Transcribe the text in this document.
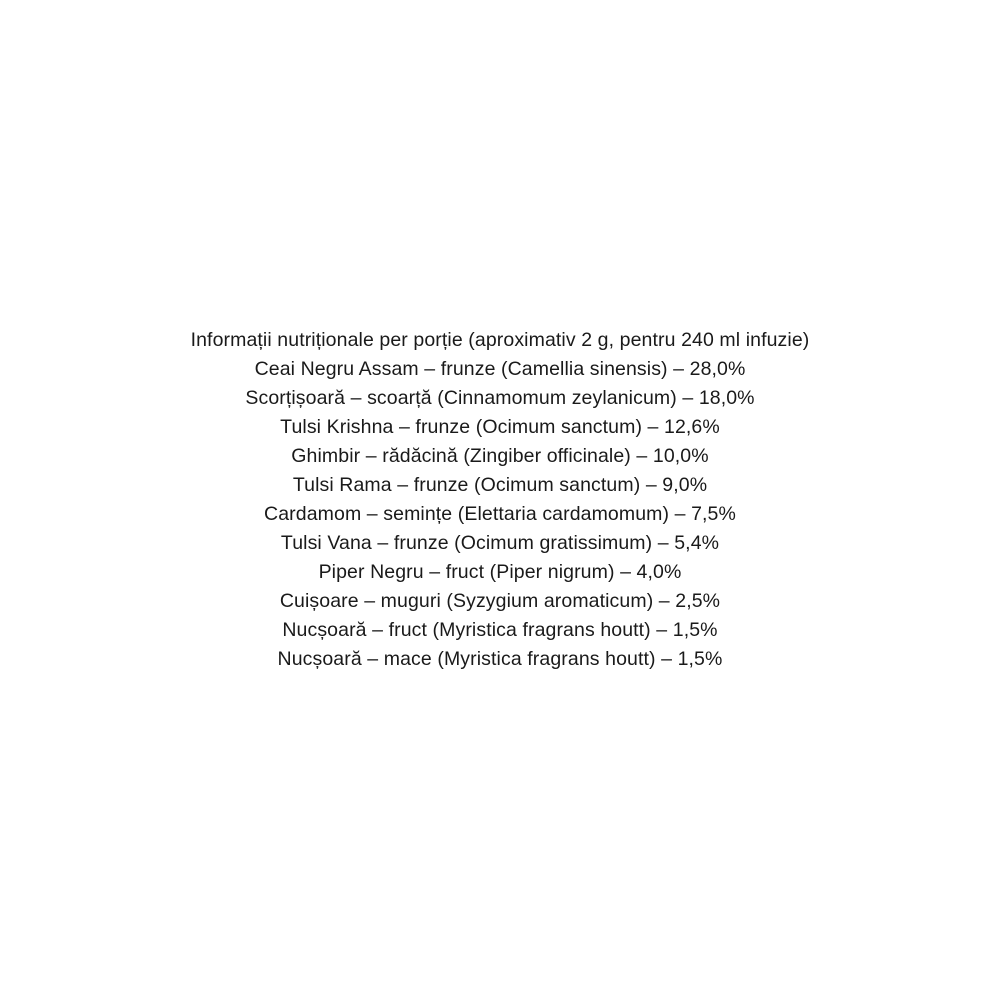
Informații nutriționale per porție (aproximativ 2 g, pentru 240 ml infuzie)
Ceai Negru Assam – frunze (Camellia sinensis) – 28,0%
Scorțișoară – scoarță (Cinnamomum zeylanicum) – 18,0%
Tulsi Krishna – frunze (Ocimum sanctum) – 12,6%
Ghimbir – rădăcină (Zingiber officinale) – 10,0%
Tulsi Rama – frunze (Ocimum sanctum) – 9,0%
Cardamom – semințe (Elettaria cardamomum) – 7,5%
Tulsi Vana – frunze (Ocimum gratissimum) – 5,4%
Piper Negru – fruct (Piper nigrum) – 4,0%
Cuișoare – muguri (Syzygium aromaticum) – 2,5%
Nucșoară – fruct (Myristica fragrans houtt) – 1,5%
Nucșoară – mace (Myristica fragrans houtt) – 1,5%
